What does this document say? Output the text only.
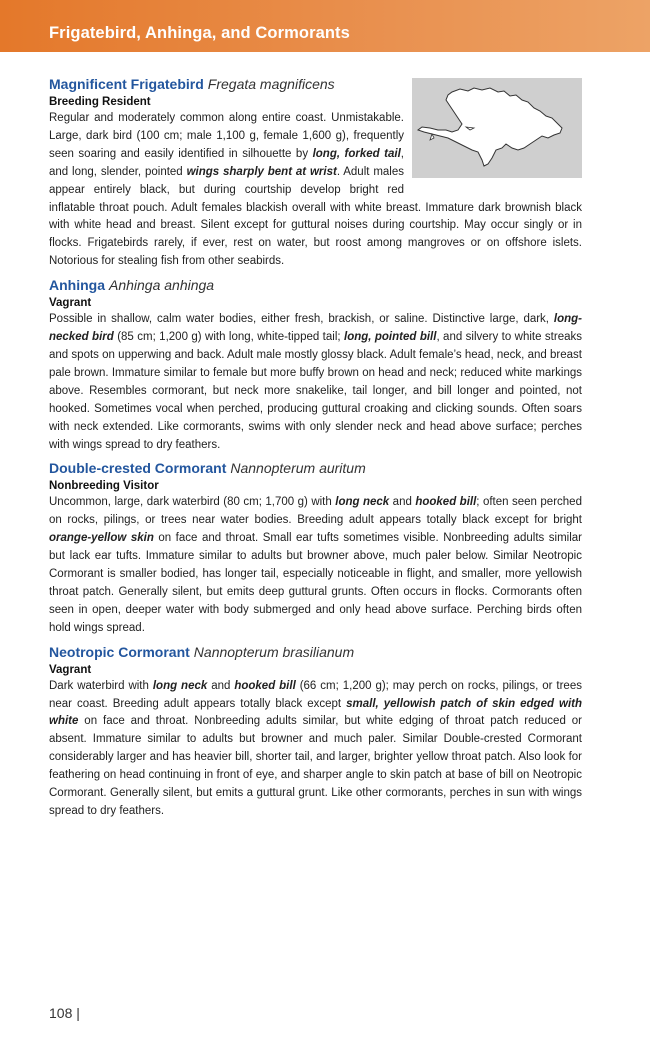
Frigatebird, Anhinga, and Cormorants
Magnificent Frigatebird Fregata magnificens
Breeding Resident

Regular and moderately common along entire coast. Unmistakable. Large, dark bird (100 cm; male 1,100 g, female 1,600 g), frequently seen soaring and easily identified in silhouette by long, forked tail, and long, slender, pointed wings sharply bent at wrist. Adult males appear entirely black, but during courtship develop bright red inflatable throat pouch. Adult females blackish overall with white breast. Immature dark brownish black with white head and breast. Silent except for guttural noises during courtship. May occur singly or in flocks. Frigatebirds rarely, if ever, rest on water, but roost among mangroves or on offshore islets. Notorious for stealing fish from other seabirds.

Anhinga Anhinga anhinga
Vagrant

Possible in shallow, calm water bodies, either fresh, brackish, or saline. Distinctive large, dark, long-necked bird (85 cm; 1,200 g) with long, white-tipped tail; long, pointed bill, and silvery to white streaks and spots on upperwing and back. Adult male mostly glossy black. Adult female’s head, neck, and breast pale brown. Immature similar to female but more buffy brown on head and neck; reduced white markings above. Resembles cormorant, but neck more snakelike, tail longer, and bill longer and pointed, not hooked. Sometimes vocal when perched, producing guttural croaking and clicking sounds. Often soars with neck extended. Like cormorants, swims with only slender neck and head above surface; perches with wings spread to dry feathers.

Double-crested Cormorant Nannopterum auritum
Nonbreeding Visitor

Uncommon, large, dark waterbird (80 cm; 1,700 g) with long neck and hooked bill; often seen perched on rocks, pilings, or trees near water bodies. Breeding adult appears totally black except for bright orange-yellow skin on face and throat. Small ear tufts sometimes visible. Nonbreeding adults similar but lack ear tufts. Immature similar to adults but browner above, much paler below. Similar Neotropic Cormorant is smaller bodied, has longer tail, especially noticeable in flight, and smaller, more yellowish throat patch. Generally silent, but emits deep guttural grunts. Often occurs in flocks. Cormorants often seen in open, deeper water with body submerged and only head above surface. Perching birds often hold wings spread.

Neotropic Cormorant Nannopterum brasilianum
Vagrant

Dark waterbird with long neck and hooked bill (66 cm; 1,200 g); may perch on rocks, pilings, or trees near coast. Breeding adult appears totally black except small, yellowish patch of skin edged with white on face and throat. Nonbreeding adults similar, but white edging of throat patch reduced or absent. Immature similar to adults but browner and much paler. Similar Double-crested Cormorant considerably larger and has heavier bill, shorter tail, and larger, brighter yellow throat patch. Also look for feathering on head continuing in front of eye, and sharper angle to skin patch at base of bill on Neotropic Cormorant. Generally silent, but emits a guttural grunt. Like other cormorants, perches in sun with wings spread to dry feathers.

108 |
